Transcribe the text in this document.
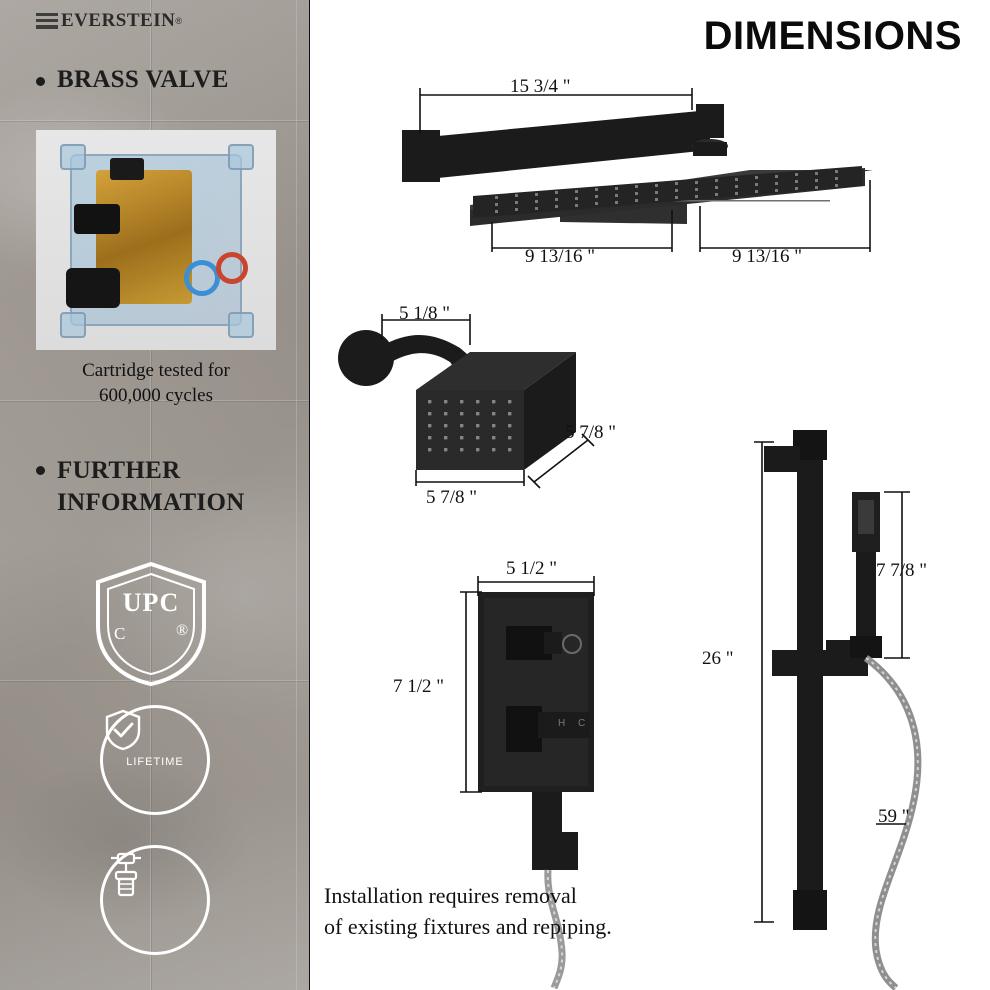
EVERSTEIN ®
BRASS VALVE
Cartridge tested for
600,000 cycles
FURTHER
INFORMATION
UPC
C	®
LIFETIME
DIMENSIONS
H C
15 3/4 "
9 13/16 "	9 13/16 "
5 1/8 "
5 7/8 "
5 7/8 "
5 1/2 "
7 1/2 "
7 7/8 "
26 "
59 "
Installation requires removal
of existing fixtures and repiping.
